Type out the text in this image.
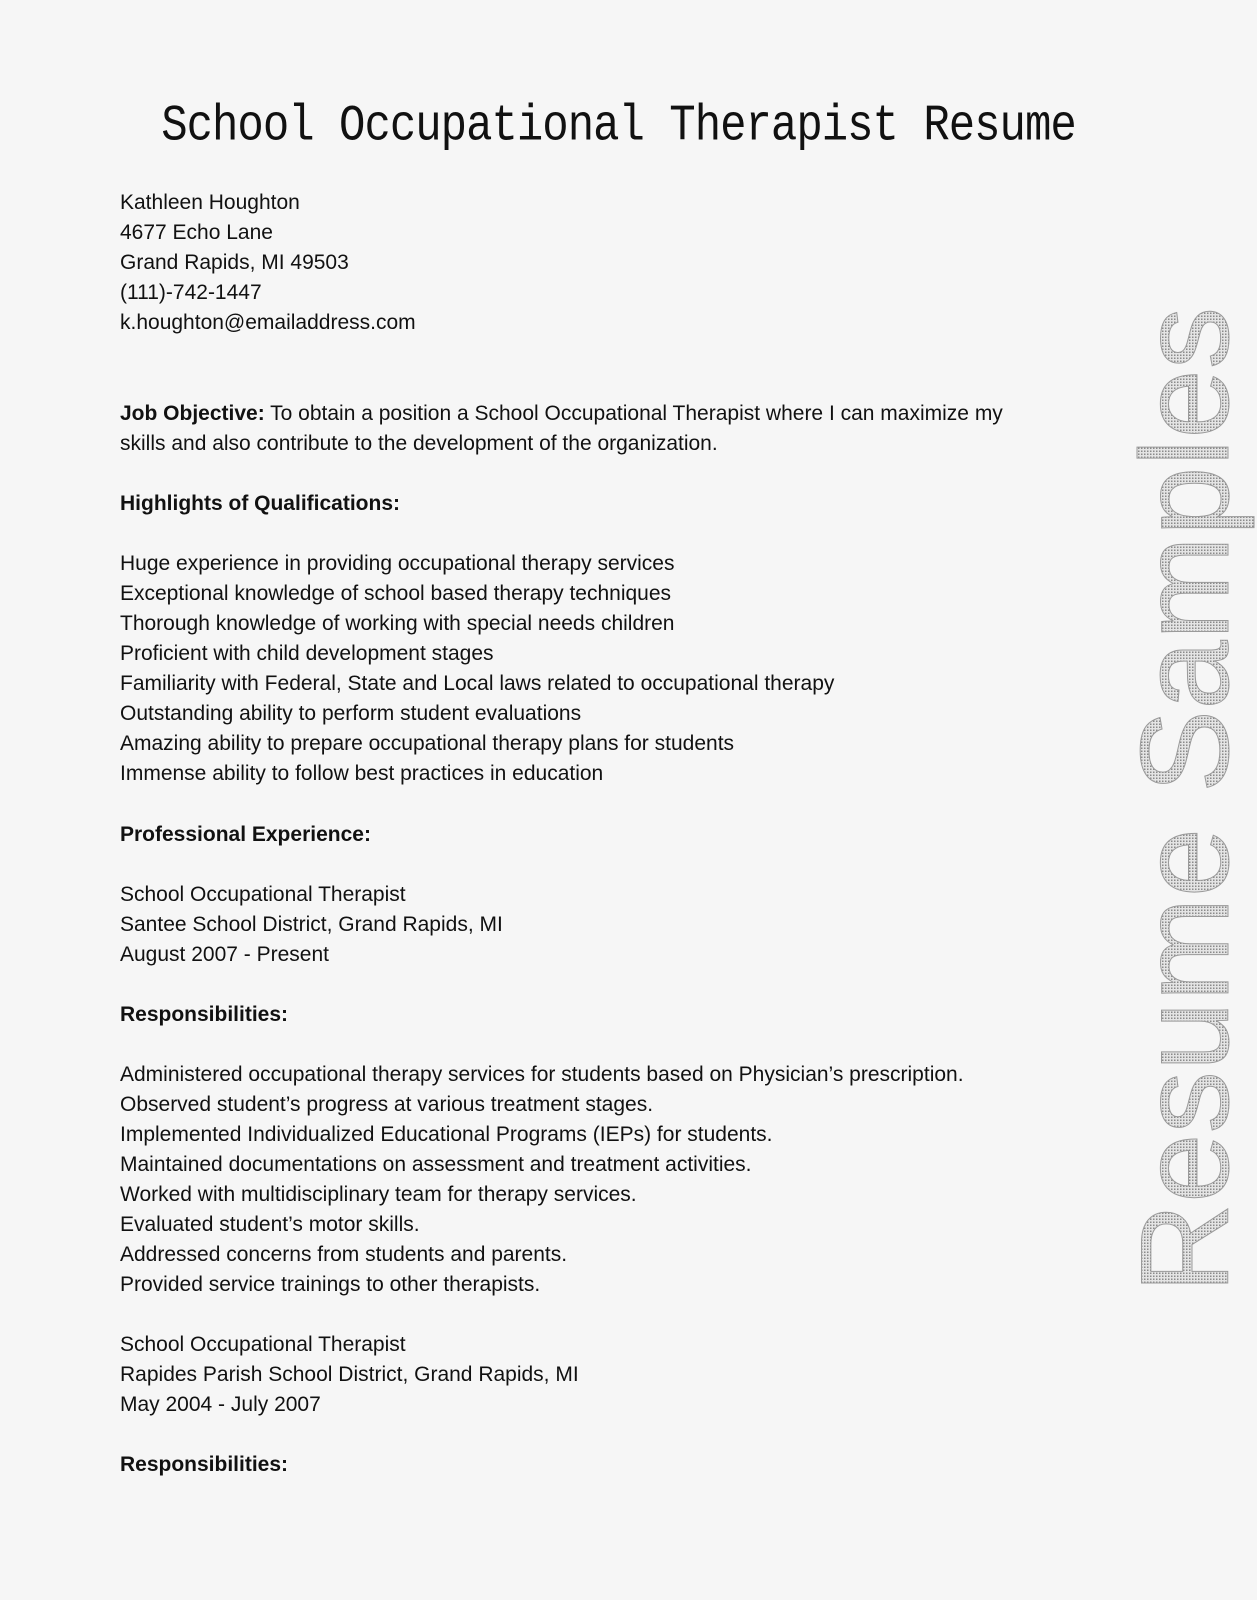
School Occupational Therapist Resume
Kathleen Houghton
4677 Echo Lane
Grand Rapids, MI 49503
(111)-742-1447
k.houghton@emailaddress.com
Job Objective: To obtain a position a School Occupational Therapist where I can maximize my
skills and also contribute to the development of the organization.
Highlights of Qualifications:
Huge experience in providing occupational therapy services
Exceptional knowledge of school based therapy techniques
Thorough knowledge of working with special needs children
Proficient with child development stages
Familiarity with Federal, State and Local laws related to occupational therapy
Outstanding ability to perform student evaluations
Amazing ability to prepare occupational therapy plans for students
Immense ability to follow best practices in education
Professional Experience:
School Occupational Therapist
Santee School District, Grand Rapids, MI
August 2007 - Present
Responsibilities:
Administered occupational therapy services for students based on Physician’s prescription.
Observed student’s progress at various treatment stages.
Implemented Individualized Educational Programs (IEPs) for students.
Maintained documentations on assessment and treatment activities.
Worked with multidisciplinary team for therapy services.
Evaluated student’s motor skills.
Addressed concerns from students and parents.
Provided service trainings to other therapists.
School Occupational Therapist
Rapides Parish School District, Grand Rapids, MI
May 2004 - July 2007
Responsibilities:
Resume Samples
